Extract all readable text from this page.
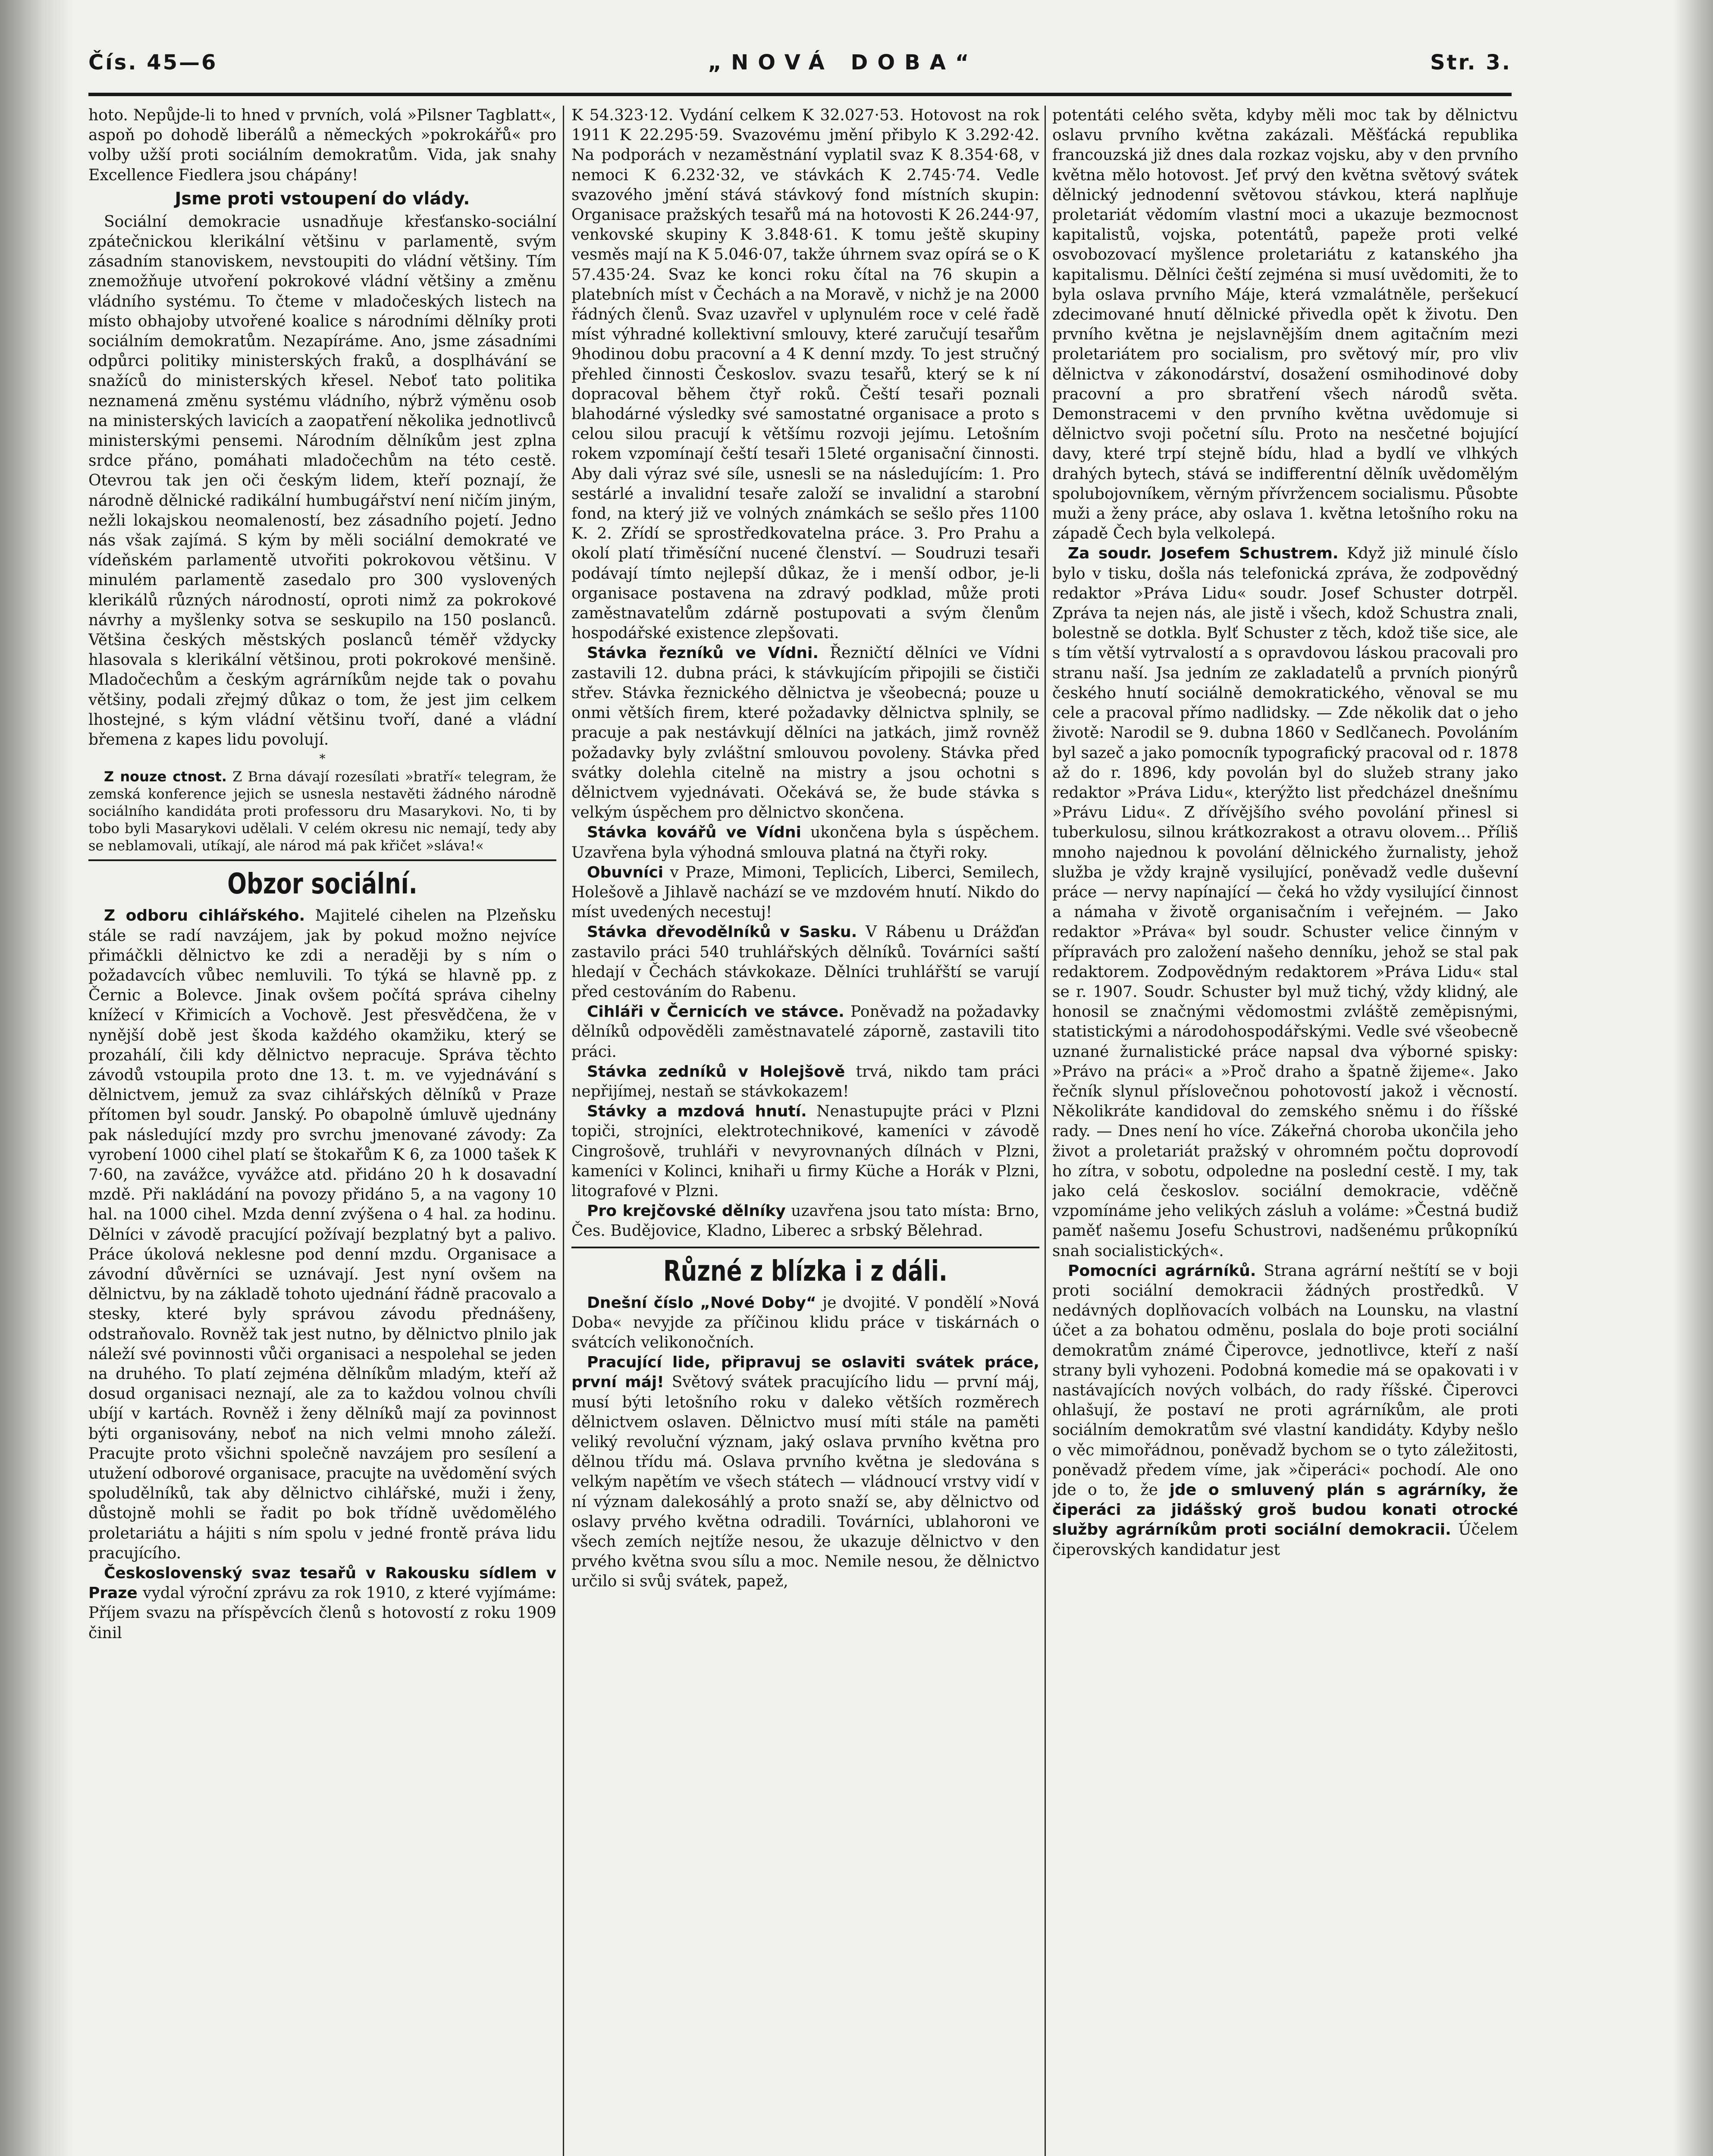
Čís. 45—6	„NOVÁ DOBA“	Str. 3.

hoto. Nepůjde-li to hned v prvních, volá »Pilsner Tagblatt«, aspoň po dohodě liberálů a německých »pokrokářů« pro volby užší proti sociálním demokratům. Vida, jak snahy Excellence Fiedlera jsou chápány!

Jsme proti vstoupení do vlády.

Sociální demokracie usnadňuje křesťansko-sociální zpátečnickou klerikální většinu v parlamentě, svým zásadním stanoviskem, nevstoupiti do vládní většiny. Tím znemožňuje utvoření pokrokové vládní většiny a změnu vládního systému. To čteme v mladočeských listech na místo obhajoby utvořené koalice s národními dělníky proti sociálním demokratům. Nezapíráme. Ano, jsme zásadními odpůrci politiky ministerských fraků, a dosplhávání se snažíců do ministerských křesel. Neboť tato politika neznamená změnu systému vládního, nýbrž výměnu osob na ministerských lavicích a zaopatření několika jednotlivců ministerskými pensemi. Národním dělníkům jest zplna srdce přáno, pomáhati mladočechům na této cestě. Otevrou tak jen oči českým lidem, kteří poznají, že národně dělnické radikální humbugářství není ničím jiným, nežli lokajskou neomaleností, bez zásadního pojetí. Jedno nás však zajímá. S kým by měli sociální demokraté ve vídeňském parlamentě utvořiti pokrokovou většinu. V minulém parlamentě zasedalo pro 300 vyslovených klerikálů různých národností, oproti nimž za pokrokové návrhy a myšlenky sotva se seskupilo na 150 poslanců. Většina českých městských poslanců téměř vždycky hlasovala s klerikální většinou, proti pokrokové menšině. Mladočechům a českým agrárníkům nejde tak o povahu většiny, podali zřejmý důkaz o tom, že jest jim celkem lhostejné, s kým vládní většinu tvoří, dané a vládní břemena z kapes lidu povolují.

*

Z nouze ctnost. Z Brna dávají rozesílati »bratří« telegram, že zemská konference jejich se usnesla nestavěti žádného národně sociálního kandidáta proti professoru dru Masarykovi. No, ti by tobo byli Masarykovi udělali. V celém okresu nic nemají, tedy aby se neblamovali, utíkají, ale národ má pak křičet »sláva!«

Obzor sociální.

Z odboru cihlářského. Majitelé cihelen na Plzeňsku stále se radí navzájem, jak by pokud možno nejvíce přimáčkli dělnictvo ke zdi a neraději by s ním o požadavcích vůbec nemluvili. To týká se hlavně pp. z Černic a Bolevce. Jinak ovšem počítá správa cihelny knížecí v Křimicích a Vochově. Jest přesvědčena, že v nynější době jest škoda každého okamžiku, který se prozahálí, čili kdy dělnictvo nepracuje. Správa těchto závodů vstoupila proto dne 13. t. m. ve vyjednávání s dělnictvem, jemuž za svaz cihlářských dělníků v Praze přítomen byl soudr. Janský. Po obapolně úmluvě ujednány pak následující mzdy pro svrchu jmenované závody: Za vyrobení 1000 cihel platí se štokařům K 6, za 1000 tašek K 7·60, na zavážce, vyvážce atd. přidáno 20 h k dosavadní mzdě. Při nakládání na povozy přidáno 5, a na vagony 10 hal. na 1000 cihel. Mzda denní zvýšena o 4 hal. za hodinu. Dělníci v závodě pracující požívají bezplatný byt a palivo. Práce úkolová neklesne pod denní mzdu. Organisace a závodní důvěrníci se uznávají. Jest nyní ovšem na dělnictvu, by na základě tohoto ujednání řádně pracovalo a stesky, které byly správou závodu přednášeny, odstraňovalo. Rovněž tak jest nutno, by dělnictvo plnilo jak náleží své povinnosti vůči organisaci a nespolehal se jeden na druhého. To platí zejména dělníkům mladým, kteří až dosud organisaci neznají, ale za to každou volnou chvíli ubíjí v kartách. Rovněž i ženy dělníků mají za povinnost býti organisovány, neboť na nich velmi mnoho záleží. Pracujte proto všichni společně navzájem pro sesílení a utužení odborové organisace, pracujte na uvědomění svých spoludělníků, tak aby dělnictvo cihlářské, muži i ženy, důstojně mohli se řadit po bok třídně uvědomělého proletariátu a hájiti s ním spolu v jedné frontě práva lidu pracujícího.

Československý svaz tesařů v Rakousku sídlem v Praze vydal výroční zprávu za rok 1910, z které vyjímáme: Příjem svazu na příspěvcích členů s hotovostí z roku 1909 činil

K 54.323·12. Vydání celkem K 32.027·53. Hotovost na rok 1911 K 22.295·59. Svazovému jmění přibylo K 3.292·42. Na podporách v nezaměstnání vyplatil svaz K 8.354·68, v nemoci K 6.232·32, ve stávkách K 2.745·74. Vedle svazového jmění stává stávkový fond místních skupin: Organisace pražských tesařů má na hotovosti K 26.244·97, venkovské skupiny K 3.848·61. K tomu ještě skupiny vesměs mají na K 5.046·07, takže úhrnem svaz opírá se o K 57.435·24. Svaz ke konci roku čítal na 76 skupin a platebních míst v Čechách a na Moravě, v nichž je na 2000 řádných členů. Svaz uzavřel v uplynulém roce v celé řadě míst výhradné kollektivní smlouvy, které zaručují tesařům 9hodinou dobu pracovní a 4 K denní mzdy. To jest stručný přehled činnosti Českoslov. svazu tesařů, který se k ní dopracoval během čtyř roků. Čeští tesaři poznali blahodárné výsledky své samostatné organisace a proto s celou silou pracují k většímu rozvoji jejímu. Letošním rokem vzpomínají čeští tesaři 15leté organisační činnosti. Aby dali výraz své síle, usnesli se na následujícím: 1. Pro sestárlé a invalidní tesaře založí se invalidní a starobní fond, na který již ve volných známkách se sešlo přes 1100 K. 2. Zřídí se sprostředkovatelna práce. 3. Pro Prahu a okolí platí třiměsíční nucené členství. — Soudruzi tesaři podávají tímto nejlepší důkaz, že i menší odbor, je-li organisace postavena na zdravý podklad, může proti zaměstnavatelům zdárně postupovati a svým členům hospodářské existence zlepšovati.

Stávka řezníků ve Vídni. Řezničtí dělníci ve Vídni zastavili 12. dubna práci, k stávkujícím připojili se čističi střev. Stávka řeznického dělnictva je všeobecná; pouze u onmi větších firem, které požadavky dělnictva splnily, se pracuje a pak nestávkují dělníci na jatkách, jimž rovněž požadavky byly zvláštní smlouvou povoleny. Stávka před svátky dolehla citelně na mistry a jsou ochotni s dělnictvem vyjednávati. Očekává se, že bude stávka s velkým úspěchem pro dělnictvo skončena.

Stávka kovářů ve Vídni ukončena byla s úspěchem. Uzavřena byla výhodná smlouva platná na čtyři roky.

Obuvníci v Praze, Mimoni, Teplicích, Liberci, Semilech, Holešově a Jihlavě nachází se ve mzdovém hnutí. Nikdo do míst uvedených necestuj!

Stávka dřevodělníků v Sasku. V Rábenu u Drážďan zastavilo práci 540 truhlářských dělníků. Továrníci saští hledají v Čechách stávkokaze. Dělníci truhlářští se varují před cestováním do Rabenu.

Cihláři v Černicích ve stávce. Poněvadž na požadavky dělníků odpověděli zaměstnavatelé záporně, zastavili tito práci.

Stávka zedníků v Holejšově trvá, nikdo tam práci nepřijímej, nestaň se stávkokazem!

Stávky a mzdová hnutí. Nenastupujte práci v Plzni topiči, strojníci, elektrotechnikové, kameníci v závodě Cingrošově, truhláři v nevyrovnaných dílnách v Plzni, kameníci v Kolinci, knihaři u firmy Küche a Horák v Plzni, litografové v Plzni.

Pro krejčovské dělníky uzavřena jsou tato místa: Brno, Čes. Budějovice, Kladno, Liberec a srbský Bělehrad.

Různé z blízka i z dáli.

Dnešní číslo „Nové Doby“ je dvojité. V pondělí »Nová Doba« nevyjde za příčinou klidu práce v tiskárnách o svátcích velikonočních.

Pracující lide, připravuj se oslaviti svátek práce, první máj! Světový svátek pracujícího lidu — první máj, musí býti letošního roku v daleko větších rozměrech dělnictvem oslaven. Dělnictvo musí míti stále na paměti veliký revoluční význam, jaký oslava prvního května pro dělnou třídu má. Oslava prvního května je sledována s velkým napětím ve všech státech — vládnoucí vrstvy vidí v ní význam dalekosáhlý a proto snaží se, aby dělnictvo od oslavy prvého května odradili. Továrníci, ublahoroni ve všech zemích nejtíže nesou, že ukazuje dělnictvo v den prvého května svou sílu a moc. Nemile nesou, že dělnictvo určilo si svůj svátek, papež,

potentáti celého světa, kdyby měli moc tak by dělnictvu oslavu prvního května zakázali. Měšťácká republika francouzská již dnes dala rozkaz vojsku, aby v den prvního května mělo hotovost. Jeť prvý den května světový svátek dělnický jednodenní světovou stávkou, která naplňuje proletariát vědomím vlastní moci a ukazuje bezmocnost kapitalistů, vojska, potentátů, papeže proti velké osvobozovací myšlence proletariátu z katanského jha kapitalismu. Dělníci čeští zejména si musí uvědomiti, že to byla oslava prvního Máje, která vzmalátněle, peršekucí zdecimované hnutí dělnické přivedla opět k životu. Den prvního května je nejslavnějším dnem agitačním mezi proletariátem pro socialism, pro světový mír, pro vliv dělnictva v zákonodárství, dosažení osmihodinové doby pracovní a pro sbratření všech národů světa. Demonstracemi v den prvního května uvědomuje si dělnictvo svoji početní sílu. Proto na nesčetné bojující davy, které trpí stejně bídu, hlad a bydlí ve vlhkých drahých bytech, stává se indifferentní dělník uvědomělým spolubojovníkem, věrným přívržencem socialismu. Působte muži a ženy práce, aby oslava 1. května letošního roku na západě Čech byla velkolepá.

Za soudr. Josefem Schustrem. Když již minulé číslo bylo v tisku, došla nás telefonická zpráva, že zodpovědný redaktor »Práva Lidu« soudr. Josef Schuster dotrpěl. Zpráva ta nejen nás, ale jistě i všech, kdož Schustra znali, bolestně se dotkla. Bylť Schuster z těch, kdož tiše sice, ale s tím větší vytrvalostí a s opravdovou láskou pracovali pro stranu naší. Jsa jedním ze zakladatelů a prvních pionýrů českého hnutí sociálně demokratického, věnoval se mu cele a pracoval přímo nadlidsky. — Zde několik dat o jeho životě: Narodil se 9. dubna 1860 v Sedlčanech. Povoláním byl sazeč a jako pomocník typografický pracoval od r. 1878 až do r. 1896, kdy povolán byl do služeb strany jako redaktor »Práva Lidu«, kterýžto list předcházel dnešnímu »Právu Lidu«. Z dřívějšího svého povolání přinesl si tuberkulosu, silnou krátkozrakost a otravu olovem… Příliš mnoho najednou k povolání dělnického žurnalisty, jehož služba je vždy krajně vysilující, poněvadž vedle duševní práce — nervy napínající — čeká ho vždy vysilující činnost a námaha v životě organisačním i veřejném. — Jako redaktor »Práva« byl soudr. Schuster velice činným v přípravách pro založení našeho denníku, jehož se stal pak redaktorem. Zodpovědným redaktorem »Práva Lidu« stal se r. 1907. Soudr. Schuster byl muž tichý, vždy klidný, ale honosil se značnými vědomostmi zvláště zeměpisnými, statistickými a národohospodářskými. Vedle své všeobecně uznané žurnalistické práce napsal dva výborné spisky: »Právo na práci« a »Proč draho a špatně žijeme«. Jako řečník slynul příslovečnou pohotovostí jakož i věcností. Několikráte kandidoval do zemského sněmu i do říšské rady. — Dnes není ho více. Zákeřná choroba ukončila jeho život a proletariát pražský v ohromném počtu doprovodí ho zítra, v sobotu, odpoledne na poslední cestě. I my, tak jako celá českoslov. sociální demokracie, vděčně vzpomínáme jeho velikých zásluh a voláme: »Čestná budiž paměť našemu Josefu Schustrovi, nadšenému průkopníkú snah socialistických«.

Pomocníci agrárníků. Strana agrární neštítí se v boji proti sociální demokracii žádných prostředků. V nedávných doplňovacích volbách na Lounsku, na vlastní účet a za bohatou odměnu, poslala do boje proti sociální demokratům známé Čiperovce, jednotlivce, kteří z naší strany byli vyhozeni. Podobná komedie má se opakovati i v nastávajících nových volbách, do rady říšské. Čiperovci ohlašují, že postaví ne proti agrárníkům, ale proti sociálním demokratům své vlastní kandidáty. Kdyby nešlo o věc mimořádnou, poněvadž bychom se o tyto záležitosti, poněvadž předem víme, jak »čiperáci« pochodí. Ale ono jde o to, že jde o smluvený plán s agrárníky, že čiperáci za jidášský groš budou konati otrocké služby agrárníkům proti sociální demokracii. Účelem čiperovských kandidatur jest
